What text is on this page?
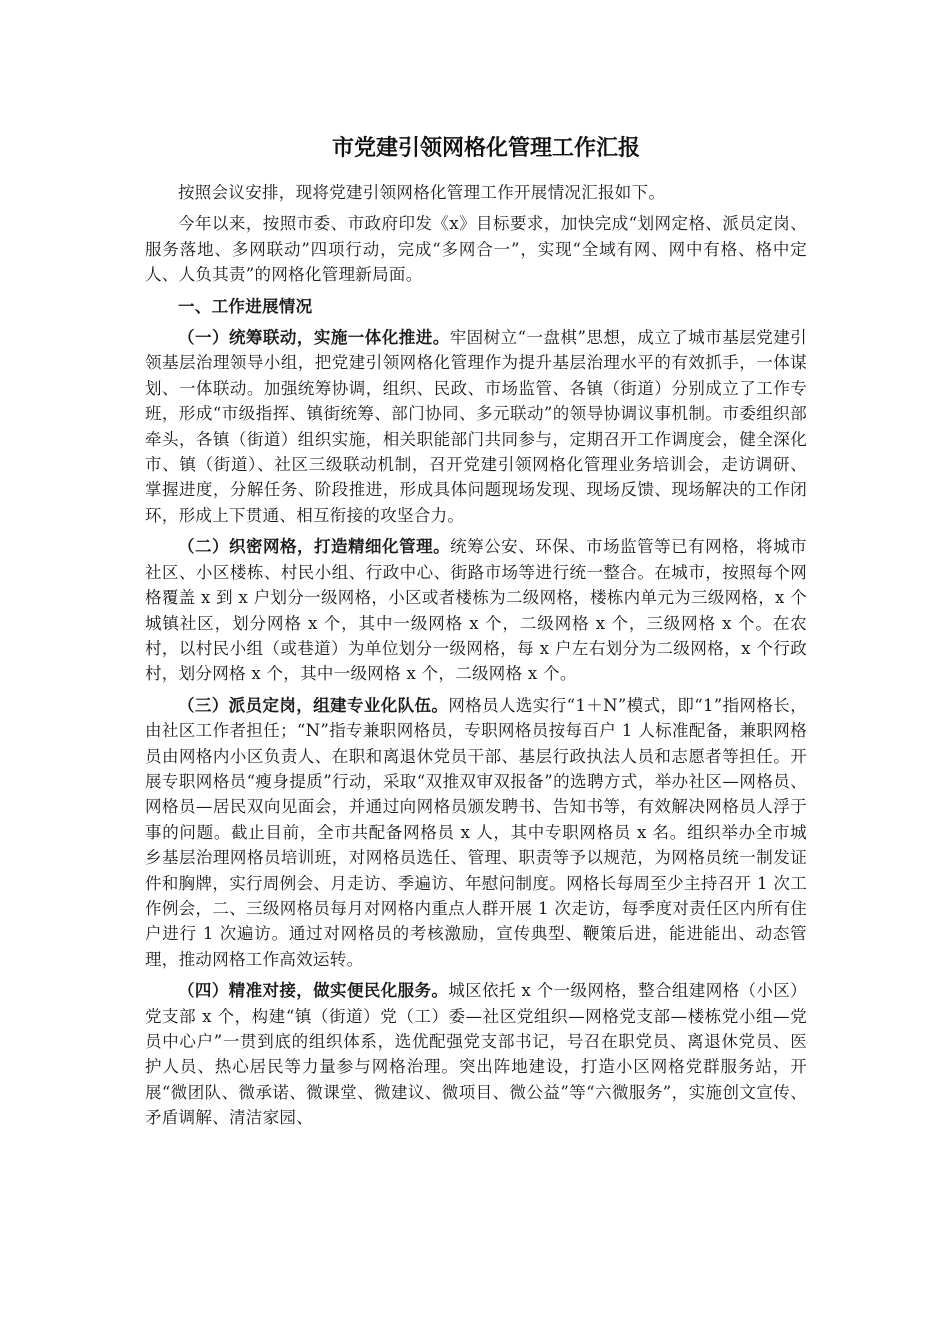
市党建引领网格化管理工作汇报

按照会议安排，现将党建引领网格化管理工作开展情况汇报如下。

今年以来，按照市委、市政府印发《x》目标要求，加快完成“划网定格、派员定岗、服务落地、多网联动”四项行动，完成“多网合一”，实现“全域有网、网中有格、格中定人、人负其责”的网格化管理新局面。

一、工作进展情况

（一）统筹联动，实施一体化推进。牢固树立“一盘棋”思想，成立了城市基层党建引领基层治理领导小组，把党建引领网格化管理作为提升基层治理水平的有效抓手，一体谋划、一体联动。加强统筹协调，组织、民政、市场监管、各镇（街道）分别成立了工作专班，形成“市级指挥、镇街统筹、部门协同、多元联动”的领导协调议事机制。市委组织部牵头，各镇（街道）组织实施，相关职能部门共同参与，定期召开工作调度会，健全深化市、镇（街道）、社区三级联动机制，召开党建引领网格化管理业务培训会，走访调研、掌握进度，分解任务、阶段推进，形成具体问题现场发现、现场反馈、现场解决的工作闭环，形成上下贯通、相互衔接的攻坚合力。

（二）织密网格，打造精细化管理。统筹公安、环保、市场监管等已有网格，将城市社区、小区楼栋、村民小组、行政中心、街路市场等进行统一整合。在城市，按照每个网格覆盖 x 到 x 户划分一级网格，小区或者楼栋为二级网格，楼栋内单元为三级网格，x 个城镇社区，划分网格 x 个，其中一级网格 x 个，二级网格 x 个，三级网格 x 个。在农村，以村民小组（或巷道）为单位划分一级网格，每 x 户左右划分为二级网格，x 个行政村，划分网格 x 个，其中一级网格 x 个，二级网格 x 个。

（三）派员定岗，组建专业化队伍。网格员人选实行“1＋N”模式，即“1”指网格长，由社区工作者担任；“N”指专兼职网格员，专职网格员按每百户 1 人标准配备，兼职网格员由网格内小区负责人、在职和离退休党员干部、基层行政执法人员和志愿者等担任。开展专职网格员“瘦身提质”行动，采取“双推双审双报备”的选聘方式，举办社区—网格员、网格员—居民双向见面会，并通过向网格员颁发聘书、告知书等，有效解决网格员人浮于事的问题。截止目前，全市共配备网格员 x 人，其中专职网格员 x 名。组织举办全市城乡基层治理网格员培训班，对网格员选任、管理、职责等予以规范，为网格员统一制发证件和胸牌，实行周例会、月走访、季遍访、年慰问制度。网格长每周至少主持召开 1 次工作例会，二、三级网格员每月对网格内重点人群开展 1 次走访，每季度对责任区内所有住户进行 1 次遍访。通过对网格员的考核激励，宣传典型、鞭策后进，能进能出、动态管理，推动网格工作高效运转。

（四）精准对接，做实便民化服务。城区依托 x 个一级网格，整合组建网格（小区）党支部 x 个，构建“镇（街道）党（工）委—社区党组织—网格党支部—楼栋党小组—党员中心户”一贯到底的组织体系，选优配强党支部书记，号召在职党员、离退休党员、医护人员、热心居民等力量参与网格治理。突出阵地建设，打造小区网格党群服务站，开展“微团队、微承诺、微课堂、微建议、微项目、微公益”等“六微服务”，实施创文宣传、矛盾调解、清洁家园、
